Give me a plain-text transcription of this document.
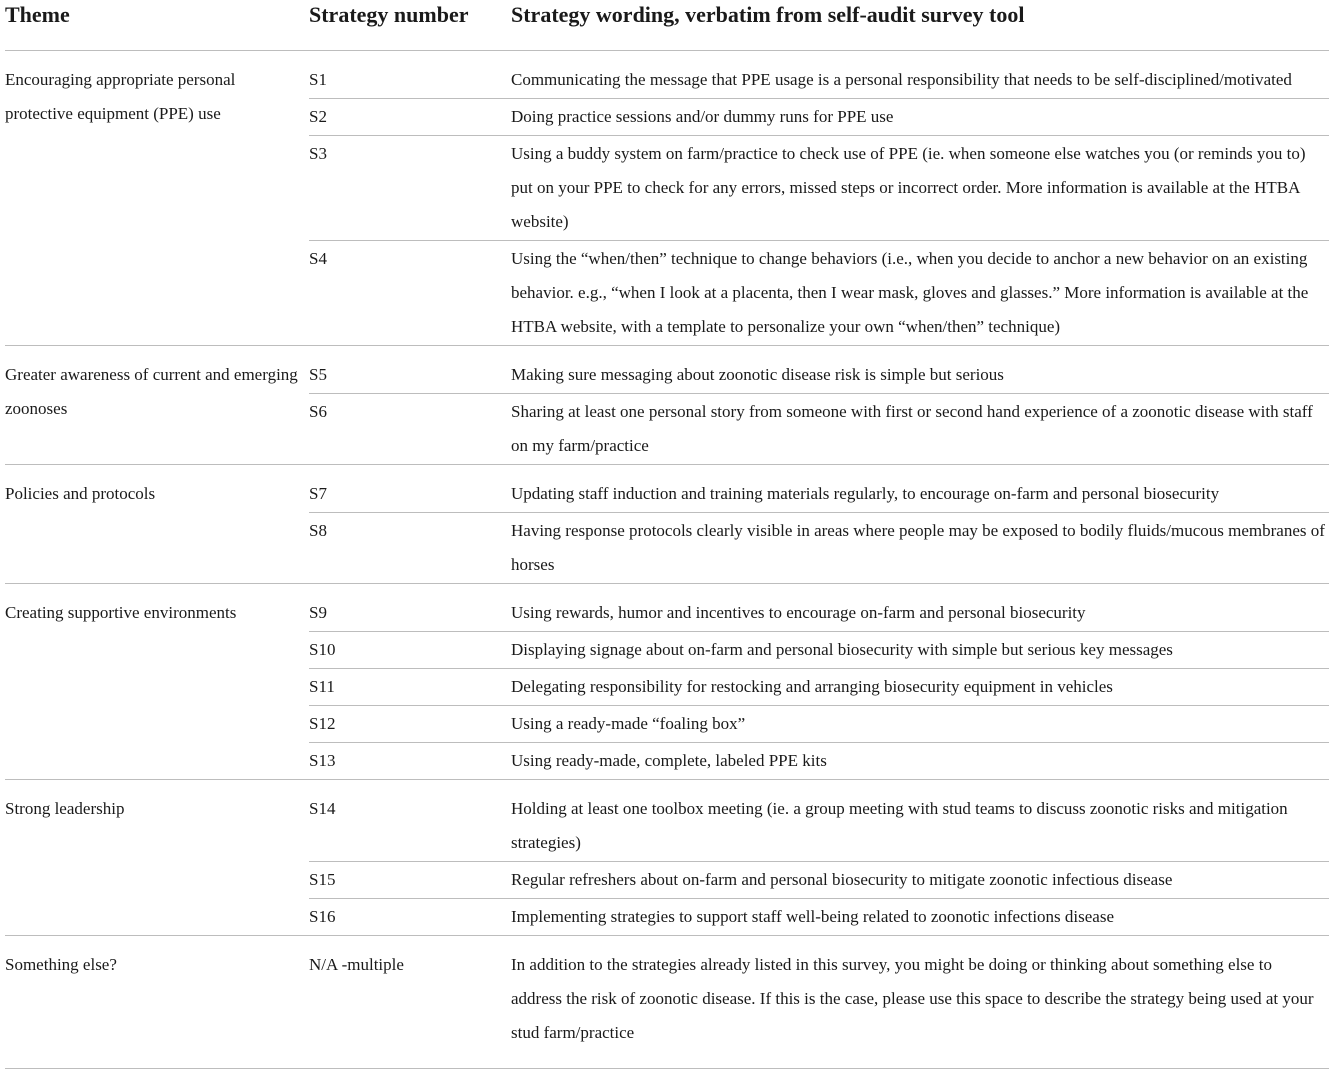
Theme	Strategy number	Strategy wording, verbatim from self-audit survey tool
Encouraging appropriate personal protective equipment (PPE) use	S1	Communicating the message that PPE usage is a personal responsibility that needs to be self-disciplined/motivated
	S2	Doing practice sessions and/or dummy runs for PPE use
	S3	Using a buddy system on farm/practice to check use of PPE (ie. when someone else watches you (or reminds you to) put on your PPE to check for any errors, missed steps or incorrect order. More information is available at the HTBA website)
	S4	Using the “when/then” technique to change behaviors (i.e., when you decide to anchor a new behavior on an existing behavior. e.g., “when I look at a placenta, then I wear mask, gloves and glasses.” More information is available at the HTBA website, with a template to personalize your own “when/then” technique)
Greater awareness of current and emerging zoonoses	S5	Making sure messaging about zoonotic disease risk is simple but serious
	S6	Sharing at least one personal story from someone with first or second hand experience of a zoonotic disease with staff on my farm/practice
Policies and protocols	S7	Updating staff induction and training materials regularly, to encourage on-farm and personal biosecurity
	S8	Having response protocols clearly visible in areas where people may be exposed to bodily fluids/mucous membranes of horses
Creating supportive environments	S9	Using rewards, humor and incentives to encourage on-farm and personal biosecurity
	S10	Displaying signage about on-farm and personal biosecurity with simple but serious key messages
	S11	Delegating responsibility for restocking and arranging biosecurity equipment in vehicles
	S12	Using a ready-made “foaling box”
	S13	Using ready-made, complete, labeled PPE kits
Strong leadership	S14	Holding at least one toolbox meeting (ie. a group meeting with stud teams to discuss zoonotic risks and mitigation strategies)
	S15	Regular refreshers about on-farm and personal biosecurity to mitigate zoonotic infectious disease
	S16	Implementing strategies to support staff well-being related to zoonotic infections disease
Something else?	N/A -multiple	In addition to the strategies already listed in this survey, you might be doing or thinking about something else to address the risk of zoonotic disease. If this is the case, please use this space to describe the strategy being used at your stud farm/practice
